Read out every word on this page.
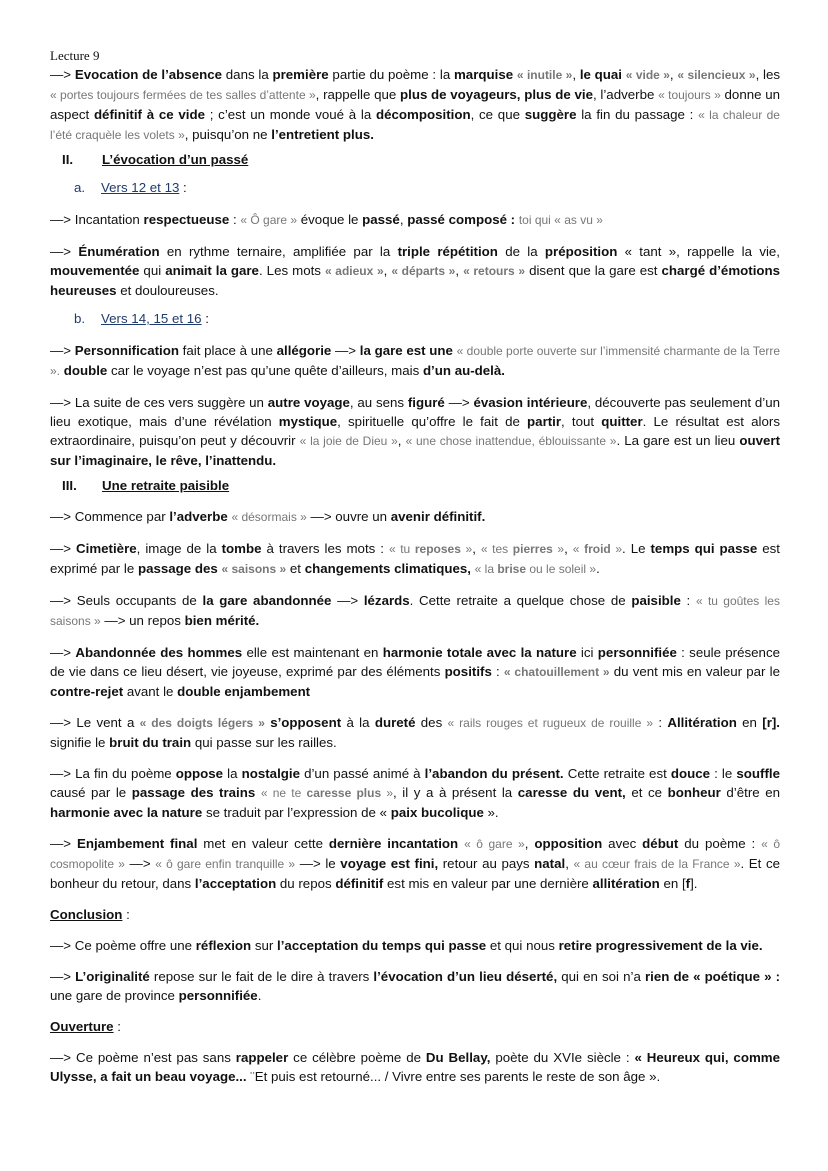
Lecture 9

—> Evocation de l’absence dans la première partie du poème : la marquise « inutile », le quai « vide », « silencieux », les « portes toujours fermées de tes salles d’attente », rappelle que plus de voyageurs, plus de vie, l’adverbe « toujours » donne un aspect définitif à ce vide ; c’est un monde voué à la décomposition, ce que suggère la fin du passage : « la chaleur de l’été craquèle les volets », puisqu’on ne l’entretient plus.

II. L’évocation d’un passé
a. Vers 12 et 13 :

—> Incantation respectueuse : « Ô gare » évoque le passé, passé composé : toi qui « as vu »

—> Énumération en rythme ternaire, amplifiée par la triple répétition de la préposition « tant », rappelle la vie, mouvementée qui animait la gare. Les mots « adieux », « départs », « retours » disent que la gare est chargé d’émotions heureuses et douloureuses.

b. Vers 14, 15 et 16 :

—> Personnification fait place à une allégorie —> la gare est une « double porte ouverte sur l’immensité charmante de la Terre ». double car le voyage n’est pas qu’une quête d’ailleurs, mais d’un au-delà.

—> La suite de ces vers suggère un autre voyage, au sens figuré —> évasion intérieure, découverte pas seulement d’un lieu exotique, mais d’une révélation mystique, spirituelle qu’offre le fait de partir, tout quitter. Le résultat est alors extraordinaire, puisqu’on peut y découvrir « la joie de Dieu », « une chose inattendue, éblouissante ». La gare est un lieu ouvert sur l’imaginaire, le rêve, l’inattendu.

III. Une retraite paisible

—> Commence par l’adverbe « désormais » —> ouvre un avenir définitif.

—> Cimetière, image de la tombe à travers les mots : « tu reposes », « tes pierres », « froid ». Le temps qui passe est exprimé par le passage des « saisons » et changements climatiques, « la brise ou le soleil ».

—> Seuls occupants de la gare abandonnée —> lézards. Cette retraite a quelque chose de paisible : « tu goûtes les saisons » —> un repos bien mérité.

—> Abandonnée des hommes elle est maintenant en harmonie totale avec la nature ici personnifiée : seule présence de vie dans ce lieu désert, vie joyeuse, exprimé par des éléments positifs : « chatouillement » du vent mis en valeur par le contre-rejet avant le double enjambement

—> Le vent a « des doigts légers » s’opposent à la dureté des « rails rouges et rugueux de rouille » : Allitération en [r]. signifie le bruit du train qui passe sur les railles.

—> La fin du poème oppose la nostalgie d’un passé animé à l’abandon du présent. Cette retraite est douce : le souffle causé par le passage des trains « ne te caresse plus », il y a à présent la caresse du vent, et ce bonheur d’être en harmonie avec la nature se traduit par l’expression de « paix bucolique ».

—> Enjambement final met en valeur cette dernière incantation « ô gare », opposition avec début du poème : « ô cosmopolite » —> « ô gare enfin tranquille » —> le voyage est fini, retour au pays natal, « au cœur frais de la France ». Et ce bonheur du retour, dans l’acceptation du repos définitif est mis en valeur par une dernière allitération en [f].

Conclusion :

—> Ce poème offre une réflexion sur l’acceptation du temps qui passe et qui nous retire progressivement de la vie.

—> L’originalité repose sur le fait de le dire à travers l’évocation d’un lieu déserté, qui en soi n’a rien de « poétique » : une gare de province personnifiée.

Ouverture :

—> Ce poème n’est pas sans rappeler ce célèbre poème de Du Bellay, poète du XVIe siècle : « Heureux qui, comme Ulysse, a fait un beau voyage... ¨Et puis est retourné... / Vivre entre ses parents le reste de son âge ».
